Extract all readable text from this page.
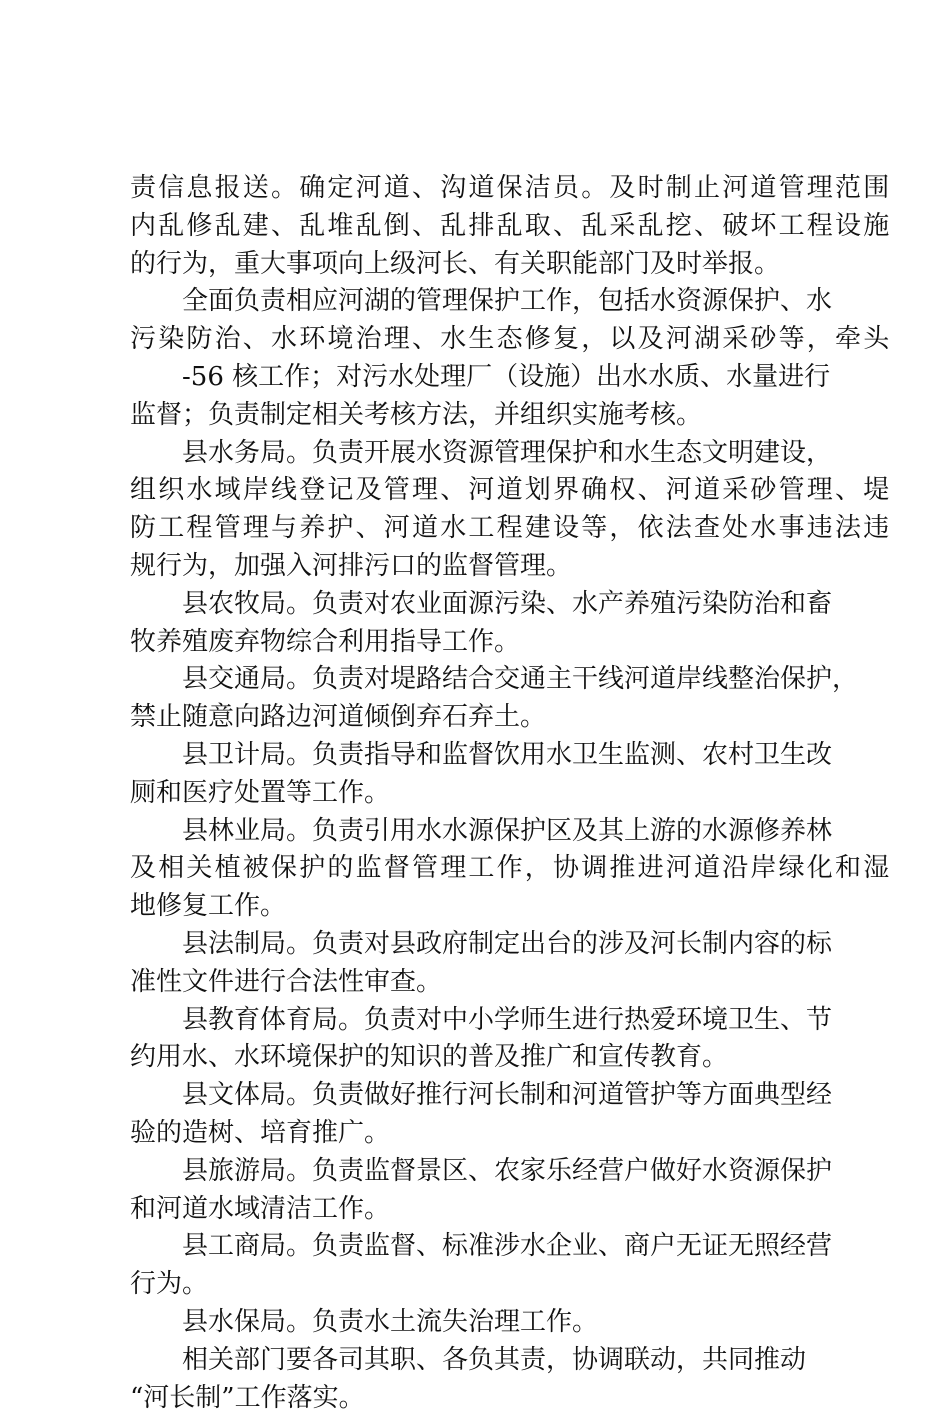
责信息报送。确定河道、沟道保洁员。及时制止河道管理范围
内乱修乱建、乱堆乱倒、乱排乱取、乱采乱挖、破坏工程设施
的行为，重大事项向上级河长、有关职能部门及时举报。
全面负责相应河湖的管理保护工作，包括水资源保护、水
污染防治、水环境治理、水生态修复，以及河湖采砂等，牵头
-56 核工作；对污水处理厂（设施）出水水质、水量进行
监督；负责制定相关考核方法，并组织实施考核。
县水务局。负责开展水资源管理保护和水生态文明建设，
组织水域岸线登记及管理、河道划界确权、河道采砂管理、堤
防工程管理与养护、河道水工程建设等，依法查处水事违法违
规行为，加强入河排污口的监督管理。
县农牧局。负责对农业面源污染、水产养殖污染防治和畜
牧养殖废弃物综合利用指导工作。
县交通局。负责对堤路结合交通主干线河道岸线整治保护，
禁止随意向路边河道倾倒弃石弃土。
县卫计局。负责指导和监督饮用水卫生监测、农村卫生改
厕和医疗处置等工作。
县林业局。负责引用水水源保护区及其上游的水源修养林
及相关植被保护的监督管理工作，协调推进河道沿岸绿化和湿
地修复工作。
县法制局。负责对县政府制定出台的涉及河长制内容的标
准性文件进行合法性审查。
县教育体育局。负责对中小学师生进行热爱环境卫生、节
约用水、水环境保护的知识的普及推广和宣传教育。
县文体局。负责做好推行河长制和河道管护等方面典型经
验的造树、培育推广。
县旅游局。负责监督景区、农家乐经营户做好水资源保护
和河道水域清洁工作。
县工商局。负责监督、标准涉水企业、商户无证无照经营
行为。
县水保局。负责水土流失治理工作。
相关部门要各司其职、各负其责，协调联动，共同推动
“河长制”工作落实。
